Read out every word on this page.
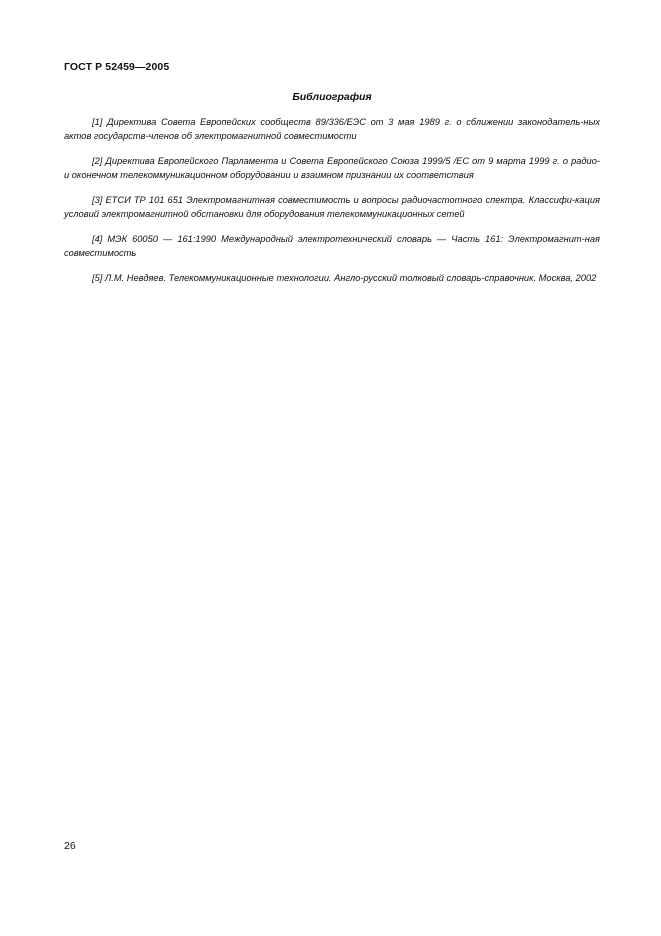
ГОСТ Р 52459—2005
Библиография

[1] Директива Совета Европейских сообществ 89/336/ЕЭС от 3 мая 1989 г. о сближении законодатель-ных актов государств-членов об электромагнитной совместимости

[2] Директива Европейского Парламента и Совета Европейского Союза 1999/5 /ЕС от 9 марта 1999 г. о радио- и оконечном телекоммуникационном оборудовании и взаимном признании их соответствия

[3] ЕТСИ ТР 101 651 Электромагнитная совместимость и вопросы радиочастотного спектра. Классифи-кация условий электромагнитной обстановки для оборудования телекоммуникационных сетей

[4] МЭК 60050 — 161:1990 Международный электротехнический словарь — Часть 161: Электромагнит-ная совместимость

[5] Л.М. Невдяев. Телекоммуникационные технологии. Англо-русский толковый словарь-справочник. Москва, 2002

26
